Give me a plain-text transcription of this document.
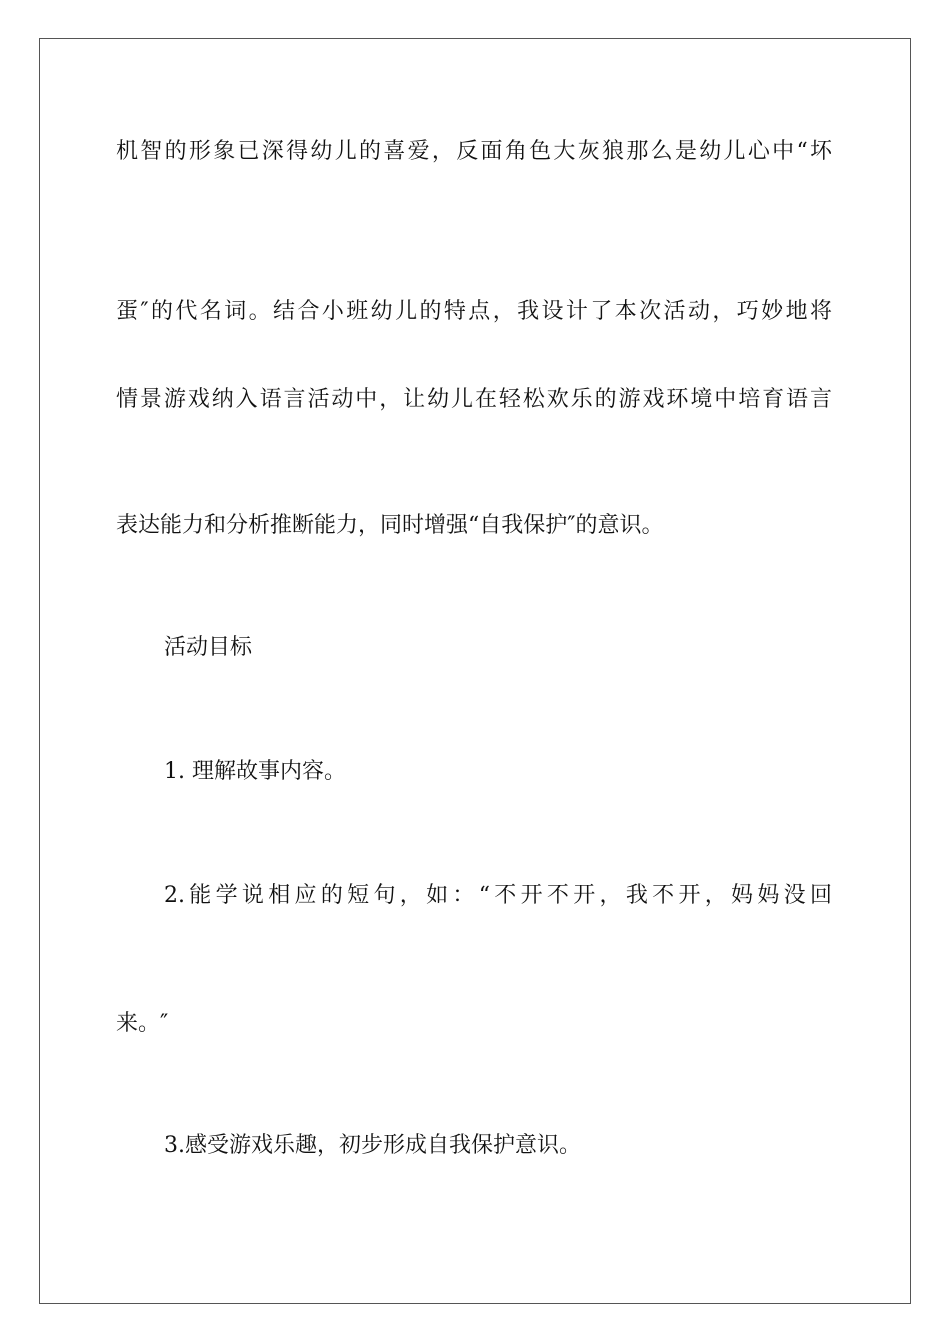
机智的形象已深得幼儿的喜爱，反面角色大灰狼那么是幼儿心中“坏
蛋″的代名词。结合小班幼儿的特点，我设计了本次活动，巧妙地将
情景游戏纳入语言活动中，让幼儿在轻松欢乐的游戏环境中培育语言
表达能力和分析推断能力，同时增强“自我保护″的意识。
活动目标
1. 理解故事内容。
2.能学说相应的短句，如：“不开不开，我不开，妈妈没回
来。″
3.感受游戏乐趣，初步形成自我保护意识。
